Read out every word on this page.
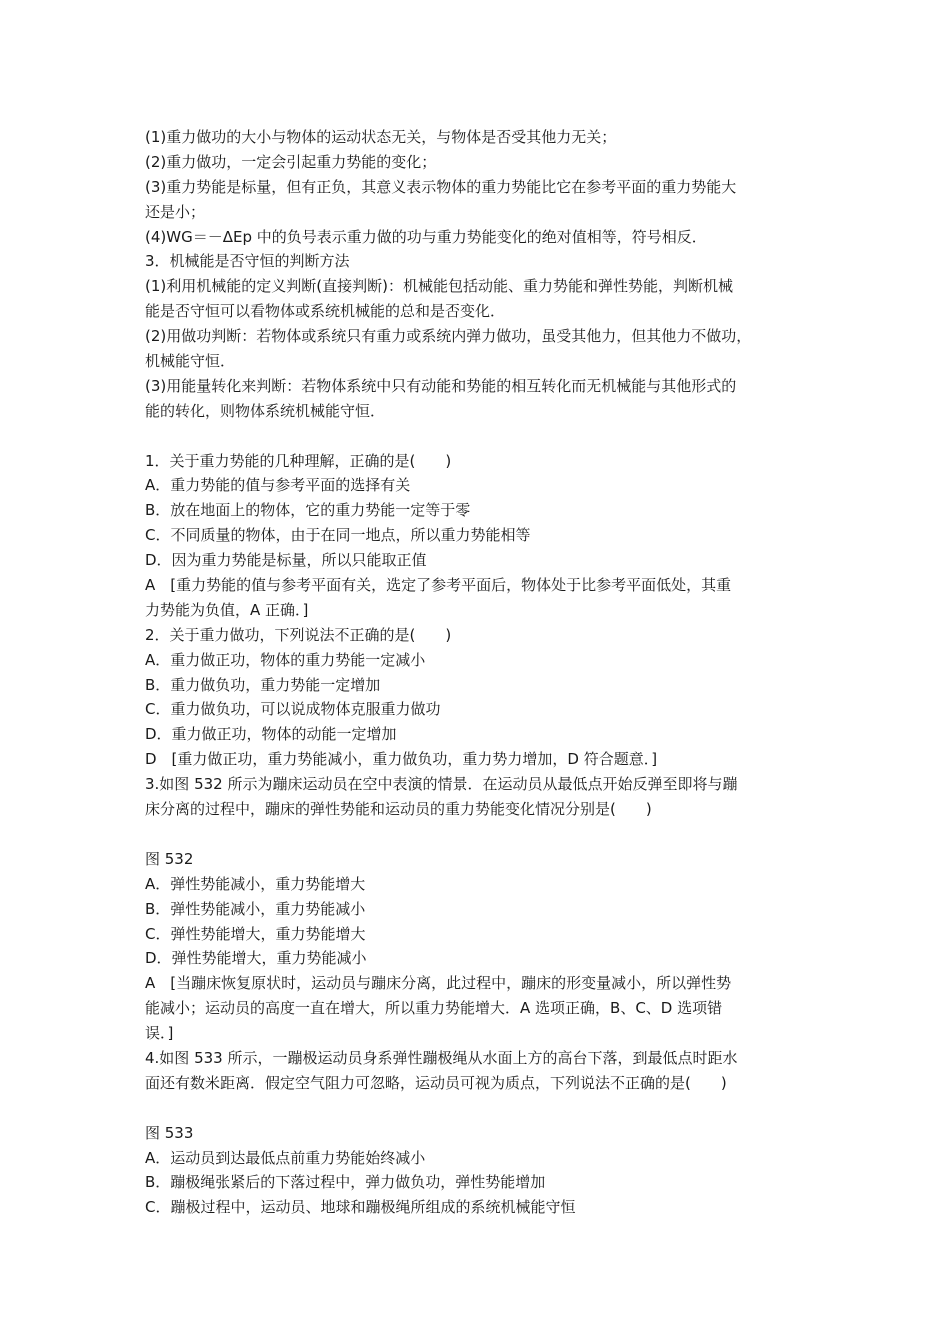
(1)重力做功的大小与物体的运动状态无关，与物体是否受其他力无关；
(2)重力做功，一定会引起重力势能的变化；
(3)重力势能是标量，但有正负，其意义表示物体的重力势能比它在参考平面的重力势能大
还是小；
(4)WG＝－ΔEp 中的负号表示重力做的功与重力势能变化的绝对值相等，符号相反．
3．机械能是否守恒的判断方法
(1)利用机械能的定义判断(直接判断)：机械能包括动能、重力势能和弹性势能，判断机械
能是否守恒可以看物体或系统机械能的总和是否变化．
(2)用做功判断：若物体或系统只有重力或系统内弹力做功，虽受其他力，但其他力不做功，
机械能守恒．
(3)用能量转化来判断：若物体系统中只有动能和势能的相互转化而无机械能与其他形式的
能的转化，则物体系统机械能守恒．
1．关于重力势能的几种理解，正确的是(　　)
A．重力势能的值与参考平面的选择有关
B．放在地面上的物体，它的重力势能一定等于零
C．不同质量的物体，由于在同一地点，所以重力势能相等
D．因为重力势能是标量，所以只能取正值
A　[重力势能的值与参考平面有关，选定了参考平面后，物体处于比参考平面低处，其重
力势能为负值，A 正确．]
2．关于重力做功，下列说法不正确的是(　　)
A．重力做正功，物体的重力势能一定减小
B．重力做负功，重力势能一定增加
C．重力做负功，可以说成物体克服重力做功
D．重力做正功，物体的动能一定增加
D　[重力做正功，重力势能减小，重力做负功，重力势力增加，D 符合题意．]
3.如图 532 所示为蹦床运动员在空中表演的情景．在运动员从最低点开始反弹至即将与蹦
床分离的过程中，蹦床的弹性势能和运动员的重力势能变化情况分别是(　　)
图 532
A．弹性势能减小，重力势能增大
B．弹性势能减小，重力势能减小
C．弹性势能增大，重力势能增大
D．弹性势能增大，重力势能减小
A　[当蹦床恢复原状时，运动员与蹦床分离，此过程中，蹦床的形变量减小，所以弹性势
能减小；运动员的高度一直在增大，所以重力势能增大．A 选项正确，B、C、D 选项错
误．]
4.如图 533 所示，一蹦极运动员身系弹性蹦极绳从水面上方的高台下落，到最低点时距水
面还有数米距离．假定空气阻力可忽略，运动员可视为质点，下列说法不正确的是(　　)
图 533
A．运动员到达最低点前重力势能始终减小
B．蹦极绳张紧后的下落过程中，弹力做负功，弹性势能增加
C．蹦极过程中，运动员、地球和蹦极绳所组成的系统机械能守恒
